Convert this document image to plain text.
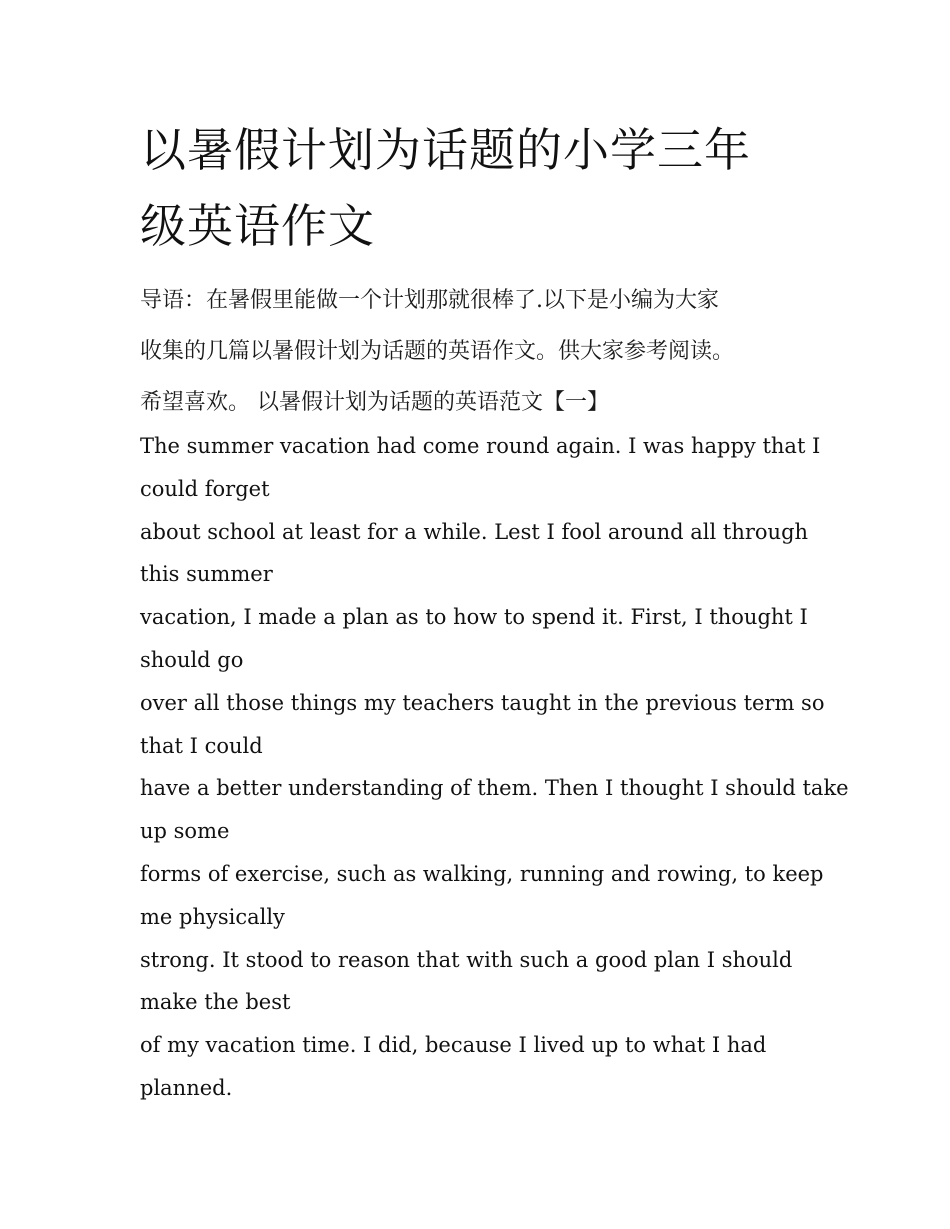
以暑假计划为话题的小学三年
级英语作文
导语：在暑假里能做一个计划那就很棒了.以下是小编为大家
收集的几篇以暑假计划为话题的英语作文。供大家参考阅读。
希望喜欢。 以暑假计划为话题的英语范文【一】
The summer vacation had come round again. I was happy that I
could forget
about school at least for a while. Lest I fool around all through
this summer
vacation, I made a plan as to how to spend it. First, I thought I
should go
over all those things my teachers taught in the previous term so
that I could
have a better understanding of them. Then I thought I should take
up some
forms of exercise, such as walking, running and rowing, to keep
me physically
strong. It stood to reason that with such a good plan I should
make the best
of my vacation time. I did, because I lived up to what I had
planned.
